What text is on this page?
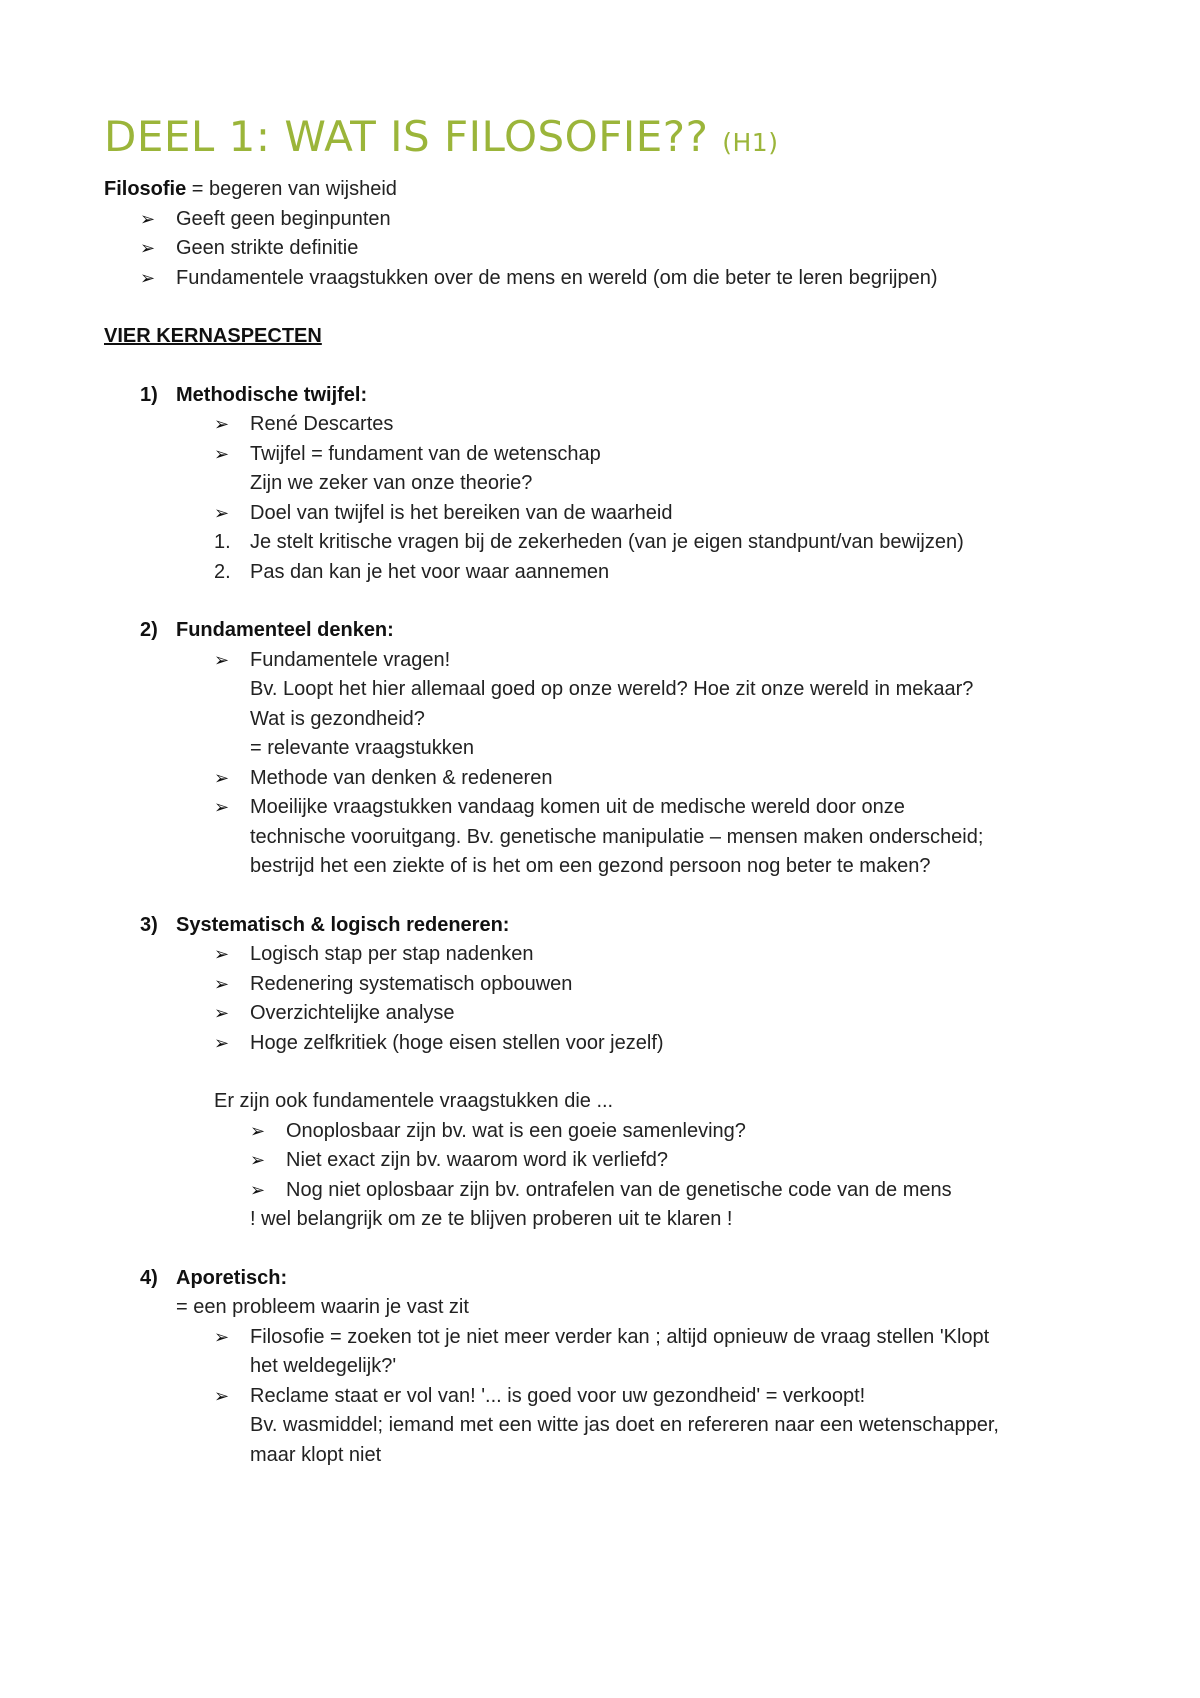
DEEL 1: WAT IS FILOSOFIE?? (H1)
Filosofie = begeren van wijsheid
➢	Geeft geen beginpunten
➢	Geen strikte definitie
➢	Fundamentele vraagstukken over de mens en wereld (om die beter te leren begrijpen)
VIER KERNASPECTEN
1) Methodische twijfel:
➢	René Descartes
➢	Twijfel = fundament van de wetenschap
Zijn we zeker van onze theorie?
➢	Doel van twijfel is het bereiken van de waarheid
1. Je stelt kritische vragen bij de zekerheden (van je eigen standpunt/van bewijzen)
2. Pas dan kan je het voor waar aannemen
2) Fundamenteel denken:
➢	Fundamentele vragen!
Bv. Loopt het hier allemaal goed op onze wereld? Hoe zit onze wereld in mekaar? Wat is gezondheid?
= relevante vraagstukken
➢	Methode van denken & redeneren
➢	Moeilijke vraagstukken vandaag komen uit de medische wereld door onze technische vooruitgang. Bv. genetische manipulatie – mensen maken onderscheid; bestrijd het een ziekte of is het om een gezond persoon nog beter te maken?
3) Systematisch & logisch redeneren:
➢	Logisch stap per stap nadenken
➢	Redenering systematisch opbouwen
➢	Overzichtelijke analyse
➢	Hoge zelfkritiek (hoge eisen stellen voor jezelf)
Er zijn ook fundamentele vraagstukken die ...
➢	Onoplosbaar zijn bv. wat is een goeie samenleving?
➢	Niet exact zijn bv. waarom word ik verliefd?
➢	Nog niet oplosbaar zijn bv. ontrafelen van de genetische code van de mens
! wel belangrijk om ze te blijven proberen uit te klaren !
4) Aporetisch:
= een probleem waarin je vast zit
➢	Filosofie = zoeken tot je niet meer verder kan ; altijd opnieuw de vraag stellen 'Klopt het weldegelijk?'
➢	Reclame staat er vol van! '... is goed voor uw gezondheid' = verkoopt!
Bv. wasmiddel; iemand met een witte jas doet en refereren naar een wetenschapper, maar klopt niet
